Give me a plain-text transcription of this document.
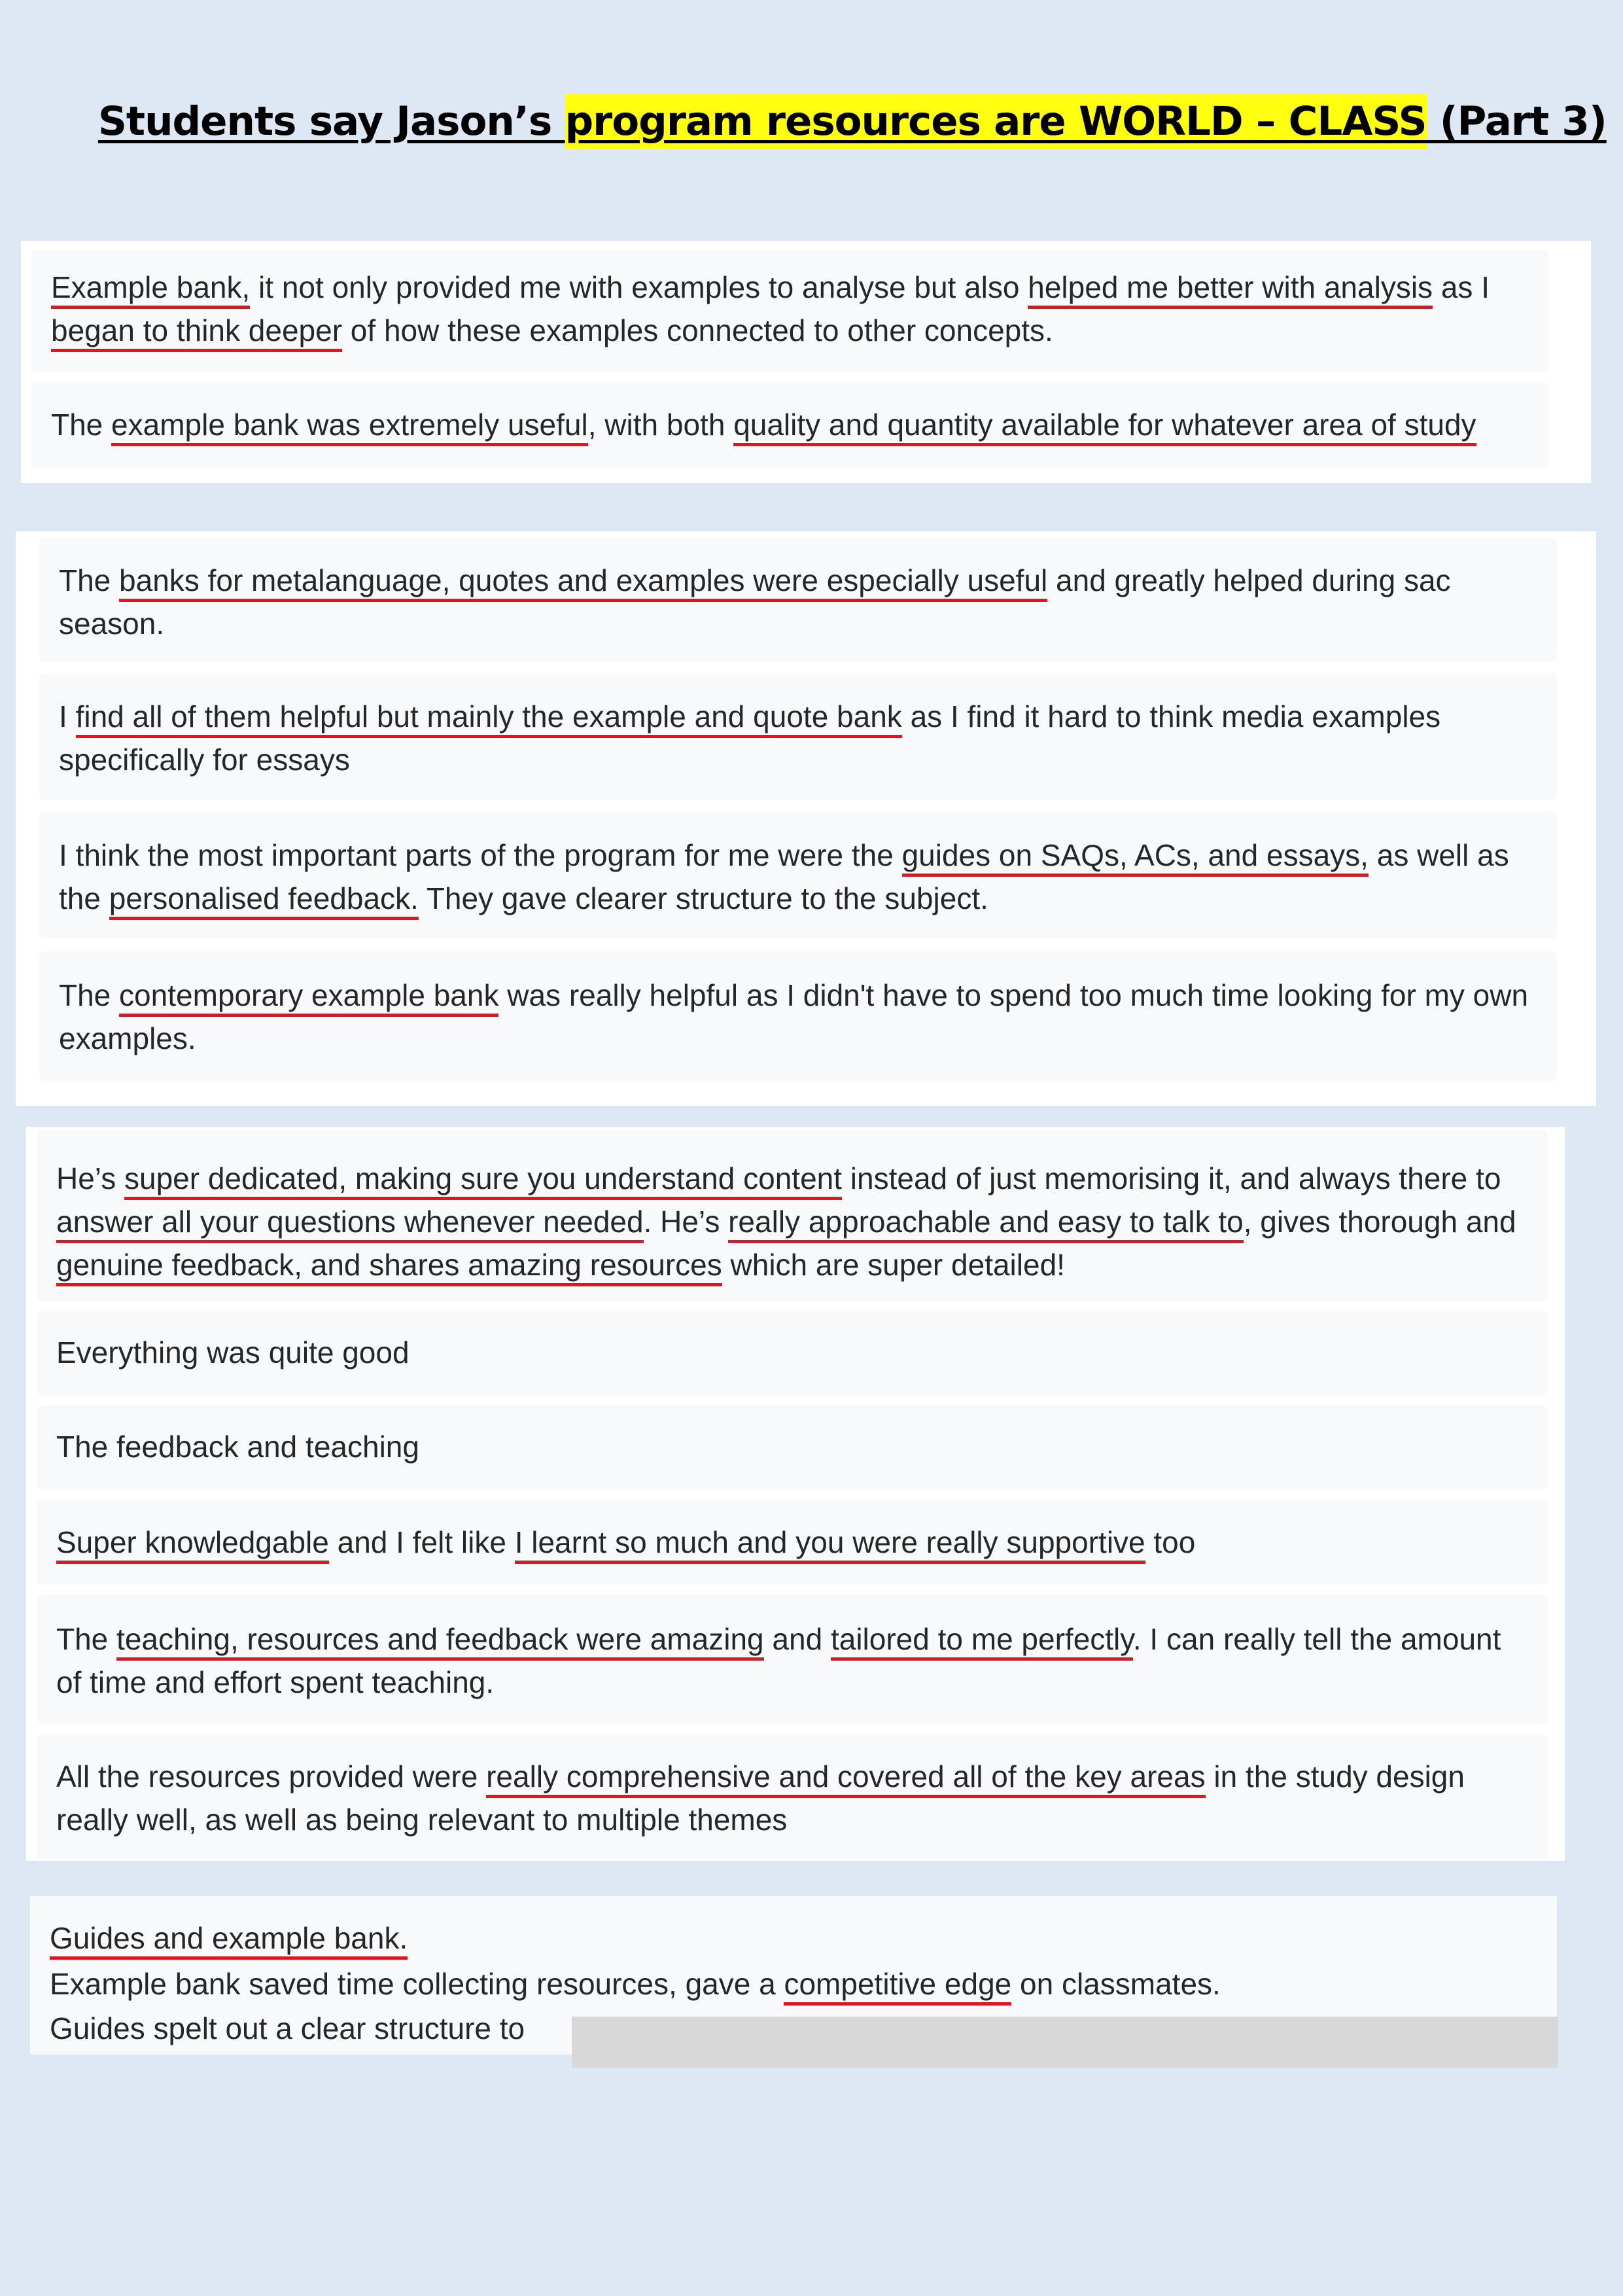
Students say Jason’s program resources are WORLD – CLASS (Part 3)

Example bank, it not only provided me with examples to analyse but also helped me better with analysis as I began to think deeper of how these examples connected to other concepts.

The example bank was extremely useful, with both quality and quantity available for whatever area of study

The banks for metalanguage, quotes and examples were especially useful and greatly helped during sac season.

I find all of them helpful but mainly the example and quote bank as I find it hard to think media examples specifically for essays

I think the most important parts of the program for me were the guides on SAQs, ACs, and essays, as well as the personalised feedback. They gave clearer structure to the subject.

The contemporary example bank was really helpful as I didn't have to spend too much time looking for my own examples.

He’s super dedicated, making sure you understand content instead of just memorising it, and always there to answer all your questions whenever needed. He’s really approachable and easy to talk to, gives thorough and genuine feedback, and shares amazing resources which are super detailed!

Everything was quite good

The feedback and teaching

Super knowledgable and I felt like I learnt so much and you were really supportive too

The teaching, resources and feedback were amazing and tailored to me perfectly. I can really tell the amount of time and effort spent teaching.

All the resources provided were really comprehensive and covered all of the key areas in the study design really well, as well as being relevant to multiple themes

Guides and example bank.
Example bank saved time collecting resources, gave a competitive edge on classmates.
Guides spelt out a clear structure to
